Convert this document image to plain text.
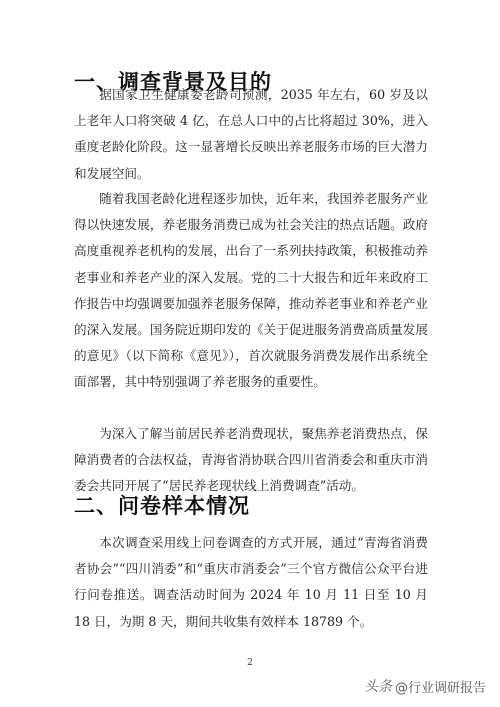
一、调查背景及目的

据国家卫生健康委老龄司预测，2035 年左右，60 岁及以上老年人口将突破 4 亿，在总人口中的占比将超过 30%，进入重度老龄化阶段。这一显著增长反映出养老服务市场的巨大潜力和发展空间。

随着我国老龄化进程逐步加快，近年来，我国养老服务产业得以快速发展，养老服务消费已成为社会关注的热点话题。政府高度重视养老机构的发展，出台了一系列扶持政策，积极推动养老事业和养老产业的深入发展。党的二十大报告和近年来政府工作报告中均强调要加强养老服务保障，推动养老事业和养老产业的深入发展。国务院近期印发的《关于促进服务消费高质量发展的意见》（以下简称《意见》），首次就服务消费发展作出系统全面部署，其中特别强调了养老服务的重要性。

为深入了解当前居民养老消费现状，聚焦养老消费热点，保障消费者的合法权益，青海省消协联合四川省消委会和重庆市消委会共同开展了“居民养老现状线上消费调查”活动。

二、问卷样本情况

本次调查采用线上问卷调查的方式开展，通过“青海省消费者协会”“四川消委”和“重庆市消委会”三个官方微信公众平台进行问卷推送。调查活动时间为 2024 年 10 月 11 日至 10 月 18 日，为期 8 天，期间共收集有效样本 18789 个。

2
头条 @行业调研报告
